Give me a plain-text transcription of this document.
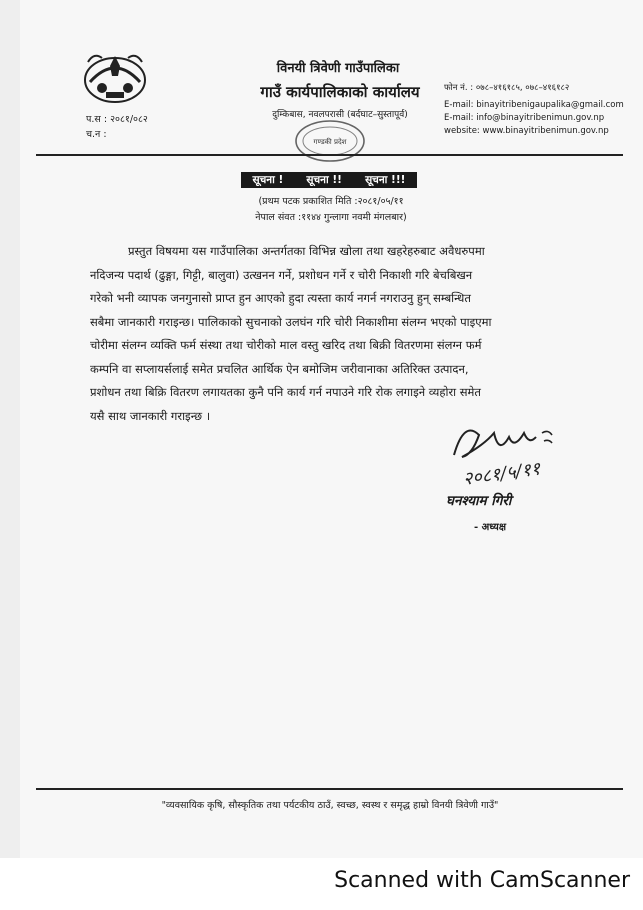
प.स : २०८१/०८२
च.न :
विनयी त्रिवेणी गाउँपालिका
गाउँ कार्यपालिकाको कार्यालय
दुम्किबास, नवलपरासी (बर्दघाट–सुस्तापूर्व)
फोन नं. : ०७८–४१६१८५, ०७८–४१६१८२
E-mail: binayitribenigaupalika@gmail.com
E-mail: info@binayitribenimun.gov.np
website: www.binayitribenimun.gov.np
गण्डकी प्रदेश
सूचना ! सूचना !! सूचना !!!
(प्रथम पटक प्रकाशित मिति :२०८१/०५/११
नेपाल संवत :११४४ गुन्लागा नवमी मंगलबार)
प्रस्तुत विषयमा यस गाउँपालिका अन्तर्गतका विभिन्न खोला तथा खहरेहरुबाट अवैधरुपमा
नदिजन्य पदार्थ (ढुङ्गा, गिट्टी, बालुवा) उत्खनन गर्ने, प्रशोधन गर्ने र चोरी निकाशी गरि बेचबिखन
गरेको भनी व्यापक जनगुनासो प्राप्त हुन आएको हुदा त्यस्ता कार्य नगर्न नगराउनु हुन् सम्बन्धित
सबैमा जानकारी गराइन्छ। पालिकाको सुचनाको उलघंन गरि चोरी निकाशीमा संलग्न भएको पाइएमा
चोरीमा संलग्न व्यक्ति फर्म संस्था तथा चोरीको माल वस्तु खरिद तथा बिक्री वितरणमा संलग्न फर्म
कम्पनि वा सप्लायर्सलाई समेत प्रचलित आर्थिक ऐन बमोजिम जरीवानाका अतिरिक्त उत्पादन,
प्रशोधन तथा बिक्रि वितरण लगायतका कुनै पनि कार्य गर्न नपाउने गरि रोक लगाइने व्यहोरा समेत
यसै साथ जानकारी गराइन्छ ।
२०८१/५/११
घनश्याम गिरी
- अध्यक्ष
"व्यवसायिक कृषि, सौस्कृतिक तथा पर्यटकीय ठाउँ, स्वच्छ, स्वस्थ र समृद्ध हाम्रो विनयी त्रिवेणी गाउँ"
Scanned with CamScanner
